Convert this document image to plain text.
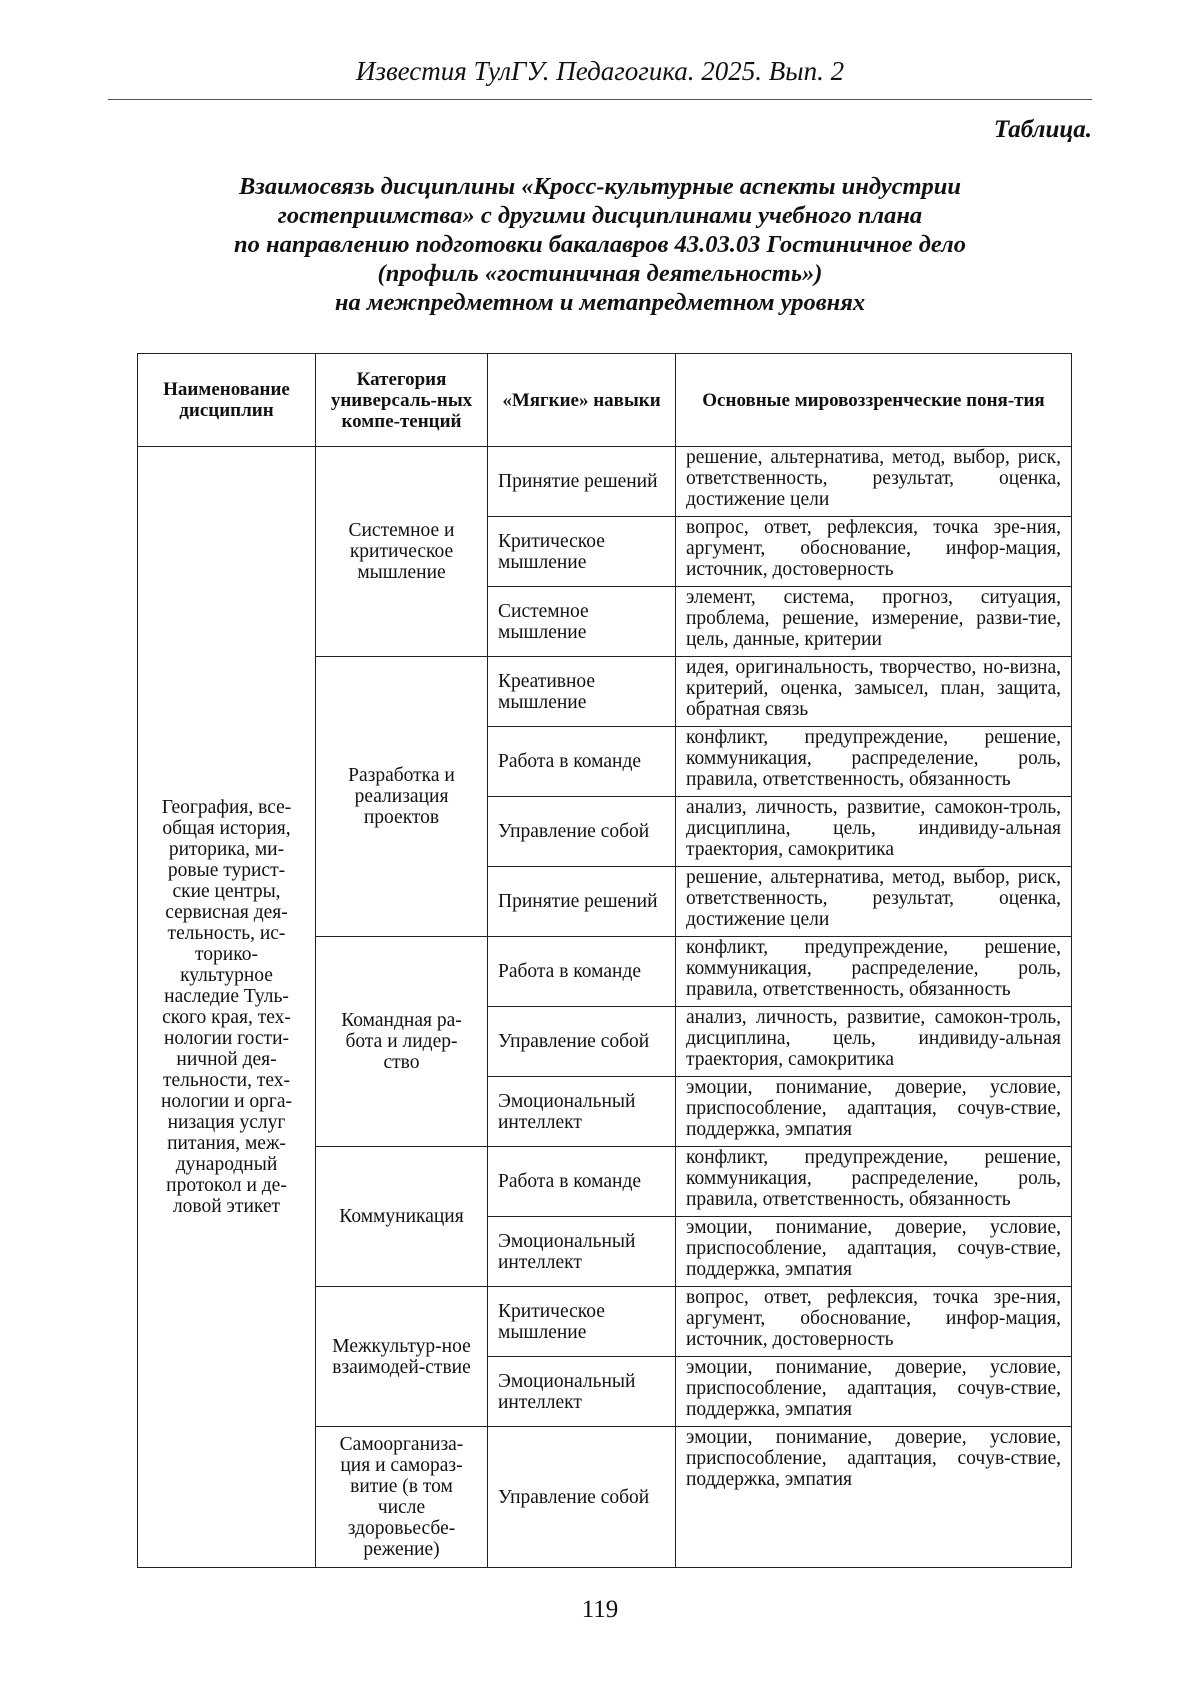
Известия ТулГУ. Педагогика. 2025. Вып. 2
Таблица.
Взаимосвязь дисциплины «Кросс-культурные аспекты индустрии
гостеприимства» с другими дисциплинами учебного плана
по направлению подготовки бакалавров 43.03.03 Гостиничное дело
(профиль «гостиничная деятельность»)
на межпредметном и метапредметном уровнях
Наименование дисциплин	Категория универсаль-ных компе-тенций	«Мягкие» навыки	Основные мировоззренческие поня-тия
География, все-общая история, риторика, ми-ровые турист-ские центры, сервисная дея-тельность, ис-торико-культурное наследие Туль-ского края, тех-нологии гости-ничной дея-тельности, тех-нологии и орга-низация услуг питания, меж-дународный протокол и де-ловой этикет	Системное и критическое мышление	Принятие решений	решение, альтернатива, метод, выбор, риск, ответственность, результат, оценка, достижение цели
		Критическое мышление	вопрос, ответ, рефлексия, точка зре-ния, аргумент, обоснование, инфор-мация, источник, достоверность
		Системное мышление	элемент, система, прогноз, ситуация, проблема, решение, измерение, разви-тие, цель, данные, критерии
	Разработка и реализация проектов	Креативное мышление	идея, оригинальность, творчество, но-визна, критерий, оценка, замысел, план, защита, обратная связь
		Работа в команде	конфликт, предупреждение, решение, коммуникация, распределение, роль, правила, ответственность, обязанность
		Управление собой	анализ, личность, развитие, самокон-троль, дисциплина, цель, индивиду-альная траектория, самокритика
		Принятие решений	решение, альтернатива, метод, выбор, риск, ответственность, результат, оценка, достижение цели
	Командная ра-бота и лидер-ство	Работа в команде	конфликт, предупреждение, решение, коммуникация, распределение, роль, правила, ответственность, обязанность
		Управление собой	анализ, личность, развитие, самокон-троль, дисциплина, цель, индивиду-альная траектория, самокритика
		Эмоциональный интеллект	эмоции, понимание, доверие, условие, приспособление, адаптация, сочув-ствие, поддержка, эмпатия
	Коммуникация	Работа в команде	конфликт, предупреждение, решение, коммуникация, распределение, роль, правила, ответственность, обязанность
		Эмоциональный интеллект	эмоции, понимание, доверие, условие, приспособление, адаптация, сочув-ствие, поддержка, эмпатия
	Межкультур-ное взаимодей-ствие	Критическое мышление	вопрос, ответ, рефлексия, точка зре-ния, аргумент, обоснование, инфор-мация, источник, достоверность
		Эмоциональный интеллект	эмоции, понимание, доверие, условие, приспособление, адаптация, сочув-ствие, поддержка, эмпатия
	Самоорганиза-ция и самораз-витие (в том числе здоровьесбе-режение)	Управление собой	эмоции, понимание, доверие, условие, приспособление, адаптация, сочув-ствие, поддержка, эмпатия
119
